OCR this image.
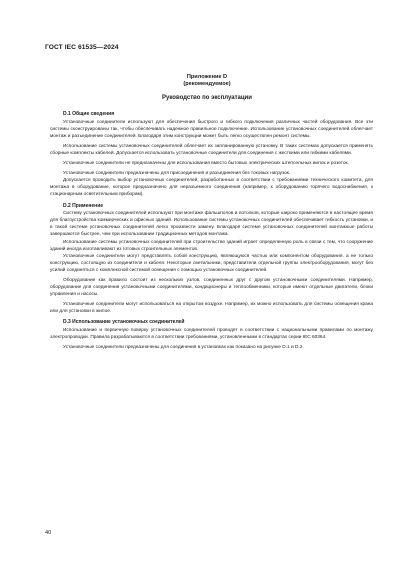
ГОСТ IEC 61535—2024
Приложение D
(рекомендуемое)
Руководство по эксплуатации
D.1 Общие сведения

Установочные соединители используют для обеспечения быстрого и гибкого подключения различных частей оборудования. Все эти системы сконструированы так, чтобы обеспечивать надежное правильное подключение. Использование установочных соединителей облегчает монтаж и разъединение соединителей. Благодаря этим конструкции может быть легко осуществлен ремонт системы.

Использование системы установочных соединителей облегчает их запланированную установку. В таких системах допускается применять сборные комплекты кабелей. Допускается использовать установочные соединители для соединения с жесткими или гибкими кабелями.

Установочные соединители не предназначены для использования вместо бытовых электрических штепсельных вилок и розеток.

Установочные соединители предназначены для присоединения и разъединения без токовых нагрузок.

Допускается проводить выбор установочных соединителей, разработанных в соответствии с требованиями технического комитета, для монтажа в оборудование, которое предназначено для неразъемного соединения (например, к оборудованию горячего водоснабжения, к стационарным осветительным приборам).

D.2 Применение

Систему установочных соединителей используют при монтаже фальшполов и потолков, которые широко применяются в настоящее время для благоустройства коммерческих и офисных зданий. Использование системы установочных соединителей обеспечивает гибкость установки, и в такой системе установочных соединителей легко произвести замену. Благодаря системе установочных соединителей монтажные работы завершаются быстрее, чем при использовании традиционных методов монтажа.

Использование системы установочных соединителей при строительстве зданий играет определенную роль в связи с тем, что сооружение зданий иногда изготавливают из готовых строительных элементов.

Установочные соединители могут представлять собой конструкцию, являющуюся частью или компонентом оборудования, а не только конструкцию, состоящую из соединителя и кабеля. Некоторые светильники, представители отдельной группы электрооборудования, могут без усилий соединяться с комплексной системой освещения с помощью установочных соединителей.

Оборудование как правило состоит из нескольких узлов, соединенных друг с другом установочными соединителями. Например, оборудование для соединения установочными соединителями, кондиционеры и теплообменники, которые имеют отдельные двигатели, блоки управления и насосы.

Установочные соединители могут использоваться на открытом воздухе. Например, их можно использовать для системы освещения крана или для установки в жилое.

D.3 Использование установочных соединителей

Использование и первичную поверку установочных соединителей проводят в соответствии с национальными правилами по монтажу электропроводки. Правила разрабатываются в соответствии требованиями, установленными в стандартах серии IEC 60364.

Установочные соединители предназначены для соединения в установках как показано на рисунке D.1 и D.2.

40
